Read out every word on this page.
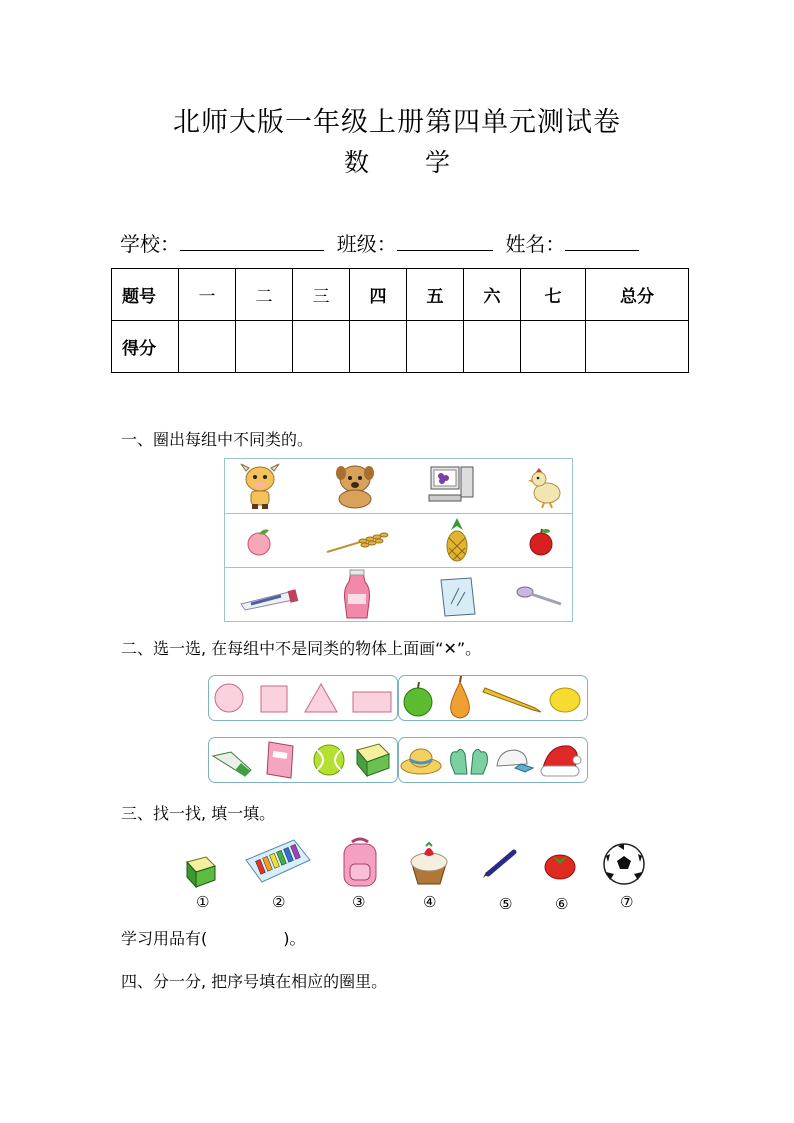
北师大版一年级上册第四单元测试卷
数 学
学校：	班级：	姓名：
题号	一	二	三	四	五	六	七	总分
得分								
一、圈出每组中不同类的。
二、选一选, 在每组中不是同类的物体上面画“✕”。
三、找一找, 填一填。
①	②	③	④	⑤	⑥	⑦
学习用品有(	)。
四、分一分, 把序号填在相应的圈里。
